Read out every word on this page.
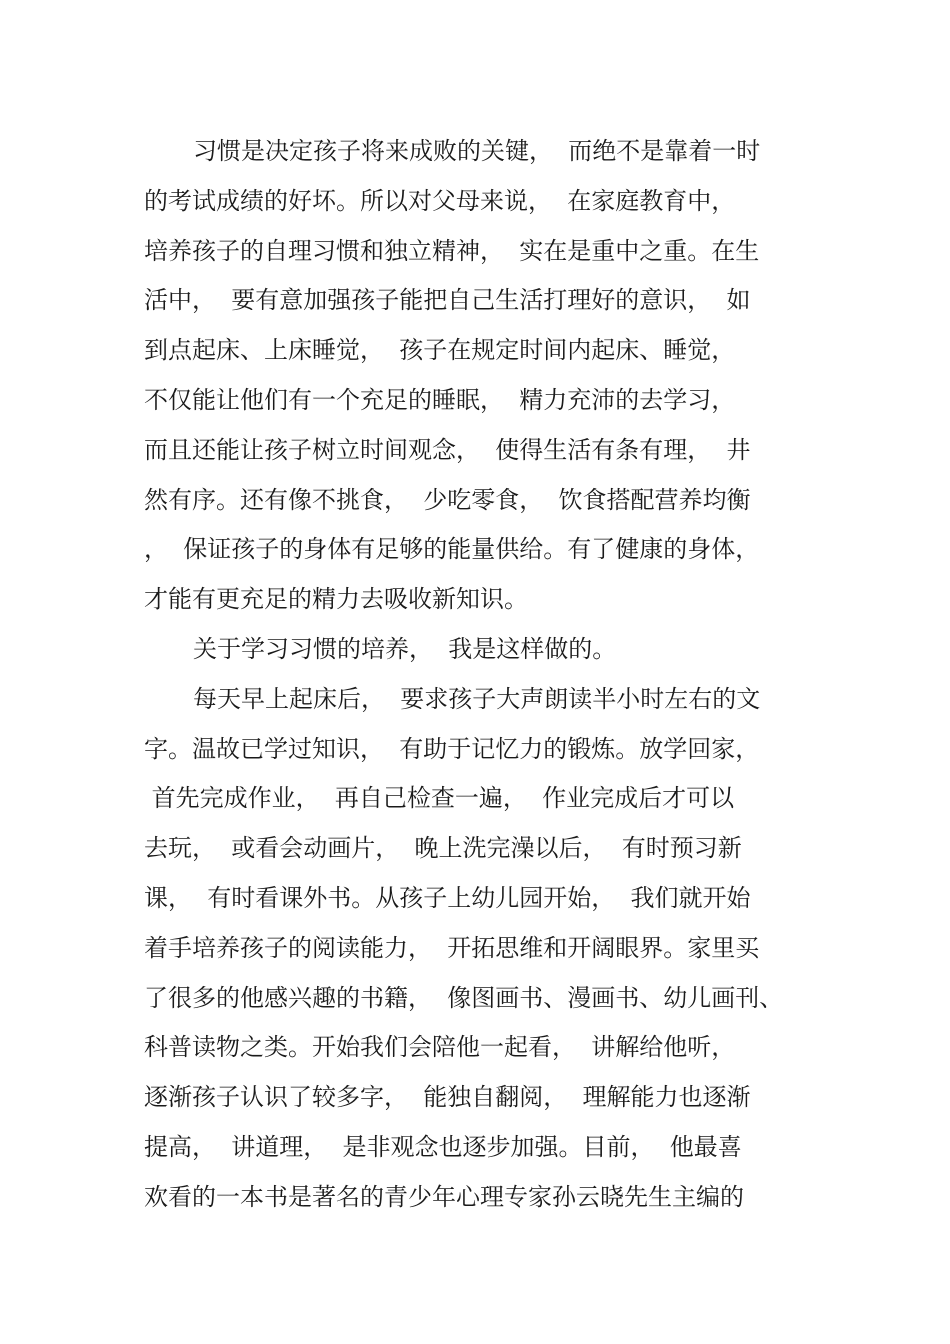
习惯是决定孩子将来成败的关键，  而绝不是靠着一时
的考试成绩的好坏。所以对父母来说，  在家庭教育中，
培养孩子的自理习惯和独立精神，  实在是重中之重。在生
活中，  要有意加强孩子能把自己生活打理好的意识，  如
到点起床、上床睡觉，  孩子在规定时间内起床、睡觉，
不仅能让他们有一个充足的睡眠，  精力充沛的去学习，
而且还能让孩子树立时间观念，  使得生活有条有理，  井
然有序。还有像不挑食，  少吃零食，  饮食搭配营养均衡
，  保证孩子的身体有足够的能量供给。有了健康的身体，
才能有更充足的精力去吸收新知识。
关于学习习惯的培养，  我是这样做的。
每天早上起床后，  要求孩子大声朗读半小时左右的文
字。温故已学过知识，  有助于记忆力的锻炼。放学回家，
首先完成作业，  再自己检查一遍，  作业完成后才可以
去玩，  或看会动画片，  晚上洗完澡以后，  有时预习新
课，  有时看课外书。从孩子上幼儿园开始，  我们就开始
着手培养孩子的阅读能力，  开拓思维和开阔眼界。家里买
了很多的他感兴趣的书籍，  像图画书、漫画书、幼儿画刊、
科普读物之类。开始我们会陪他一起看，  讲解给他听，
逐渐孩子认识了较多字，  能独自翻阅，  理解能力也逐渐
提高，  讲道理，  是非观念也逐步加强。目前，  他最喜
欢看的一本书是著名的青少年心理专家孙云晓先生主编的
